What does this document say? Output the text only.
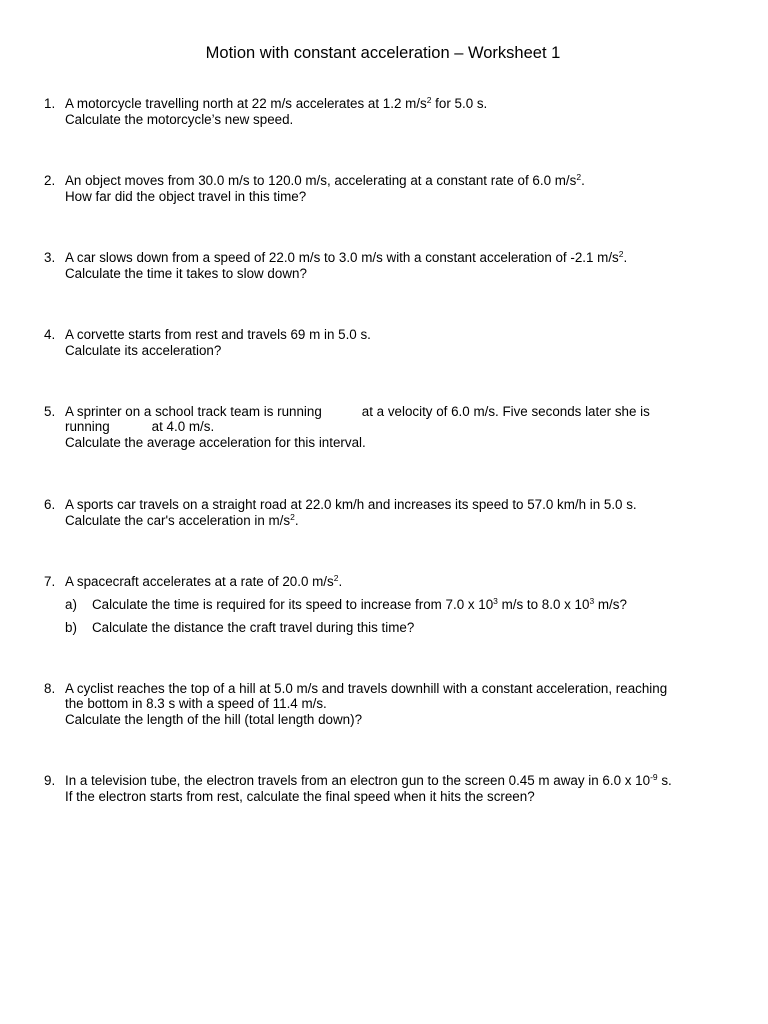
Motion with constant acceleration – Worksheet 1
1. A motorcycle travelling north at 22 m/s accelerates at 1.2 $m/s^2$ for 5.0 s.
Calculate the motorcycle’s new speed.
2. An object moves from 30.0 m/s to 120.0 m/s, accelerating at a constant rate of 6.0 $m/s^2$.
How far did the object travel in this time?
3. A car slows down from a speed of 22.0 m/s to 3.0 m/s with a constant acceleration of -2.1 $m/s^2$.
Calculate the time it takes to slow down?
4. A corvette starts from rest and travels 69 m in 5.0 s.
Calculate its acceleration?
5. A sprinter on a school track team is running	at a velocity of 6.0 m/s. Five seconds later she is
running	at 4.0 m/s.
Calculate the average acceleration for this interval.
6. A sports car travels on a straight road at 22.0 km/h and increases its speed to 57.0 km/h in 5.0 s.
Calculate the car's acceleration in $m/s^2$.
7. A spacecraft accelerates at a rate of 20.0 $m/s^2$.
a) Calculate the time is required for its speed to increase from 7.0 x $10^3$ m/s to 8.0 x $10^3$ m/s?
b) Calculate the distance the craft travel during this time?
8. A cyclist reaches the top of a hill at 5.0 m/s and travels downhill with a constant acceleration, reaching
the bottom in 8.3 s with a speed of 11.4 m/s.
Calculate the length of the hill (total length down)?
9. In a television tube, the electron travels from an electron gun to the screen 0.45 m away in 6.0 x $10^{-9}$ s.
If the electron starts from rest, calculate the final speed when it hits the screen?
